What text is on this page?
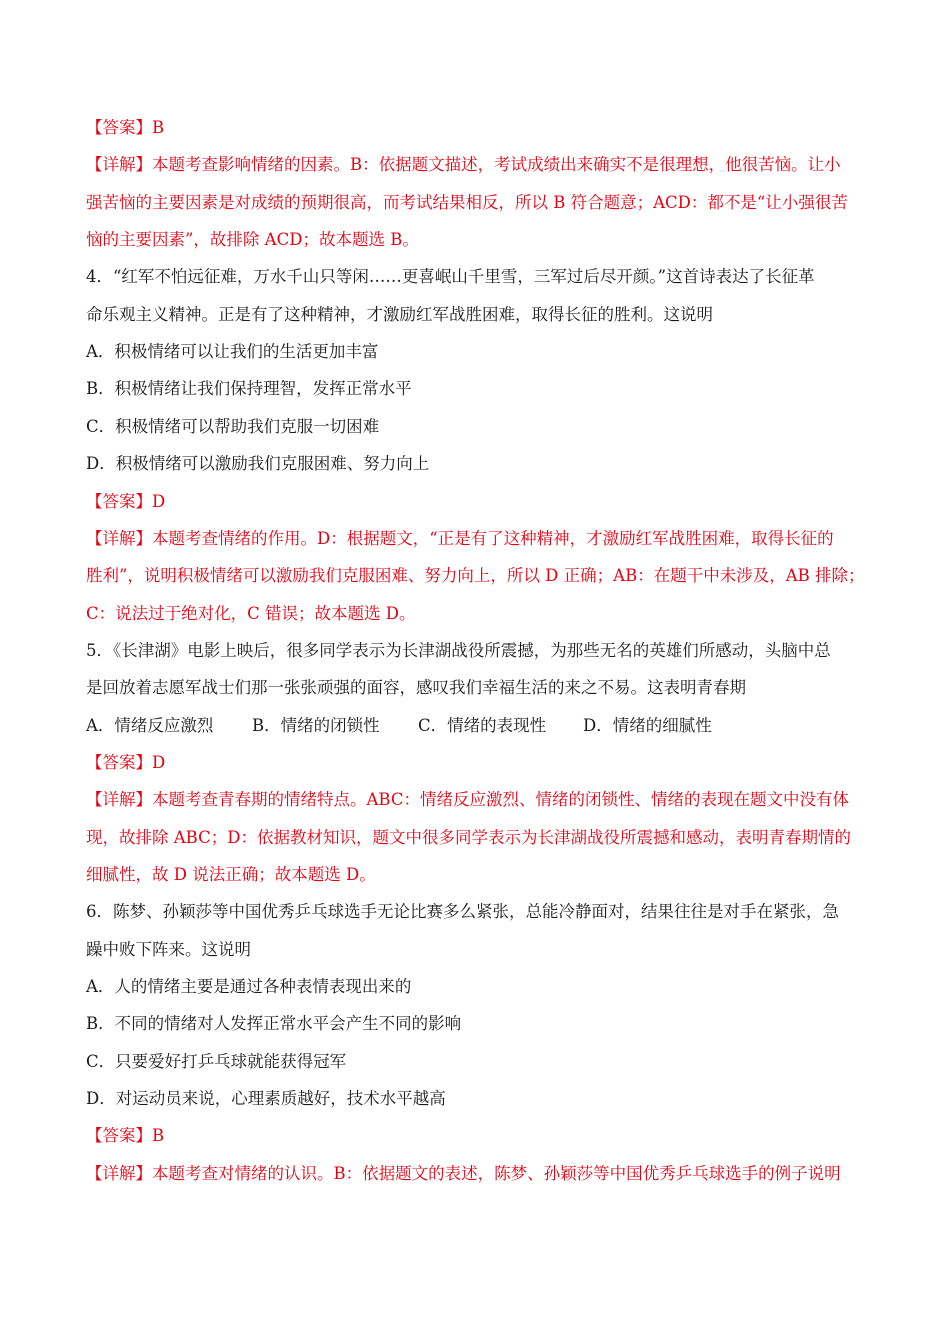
【答案】B
【详解】本题考查影响情绪的因素。B：依据题文描述，考试成绩出来确实不是很理想，他很苦恼。让小
强苦恼的主要因素是对成绩的预期很高，而考试结果相反，所以 B 符合题意；ACD：都不是“让小强很苦
恼的主要因素”，故排除 ACD；故本题选 B。
4．“红军不怕远征难，万水千山只等闲……更喜岷山千里雪，三军过后尽开颜。”这首诗表达了长征革
命乐观主义精神。正是有了这种精神，才激励红军战胜困难，取得长征的胜利。这说明
A．积极情绪可以让我们的生活更加丰富
B．积极情绪让我们保持理智，发挥正常水平
C．积极情绪可以帮助我们克服一切困难
D．积极情绪可以激励我们克服困难、努力向上
【答案】D
【详解】本题考查情绪的作用。D：根据题文，“正是有了这种精神，才激励红军战胜困难，取得长征的
胜利”，说明积极情绪可以激励我们克服困难、努力向上，所以 D 正确；AB：在题干中未涉及，AB 排除；
C：说法过于绝对化，C 错误；故本题选 D。
5．《长津湖》电影上映后，很多同学表示为长津湖战役所震撼，为那些无名的英雄们所感动，头脑中总
是回放着志愿军战士们那一张张顽强的面容，感叹我们幸福生活的来之不易。这表明青春期
A．情绪反应激烈 B．情绪的闭锁性 C．情绪的表现性 D．情绪的细腻性
【答案】D
【详解】本题考查青春期的情绪特点。ABC：情绪反应激烈、情绪的闭锁性、情绪的表现在题文中没有体
现，故排除 ABC；D：依据教材知识，题文中很多同学表示为长津湖战役所震撼和感动，表明青春期情的
细腻性，故 D 说法正确；故本题选 D。
6．陈梦、孙颖莎等中国优秀乒乓球选手无论比赛多么紧张，总能冷静面对，结果往往是对手在紧张，急
躁中败下阵来。这说明
A．人的情绪主要是通过各种表情表现出来的
B．不同的情绪对人发挥正常水平会产生不同的影响
C．只要爱好打乒乓球就能获得冠军
D．对运动员来说，心理素质越好，技术水平越高
【答案】B
【详解】本题考查对情绪的认识。B：依据题文的表述，陈梦、孙颖莎等中国优秀乒乓球选手的例子说明
